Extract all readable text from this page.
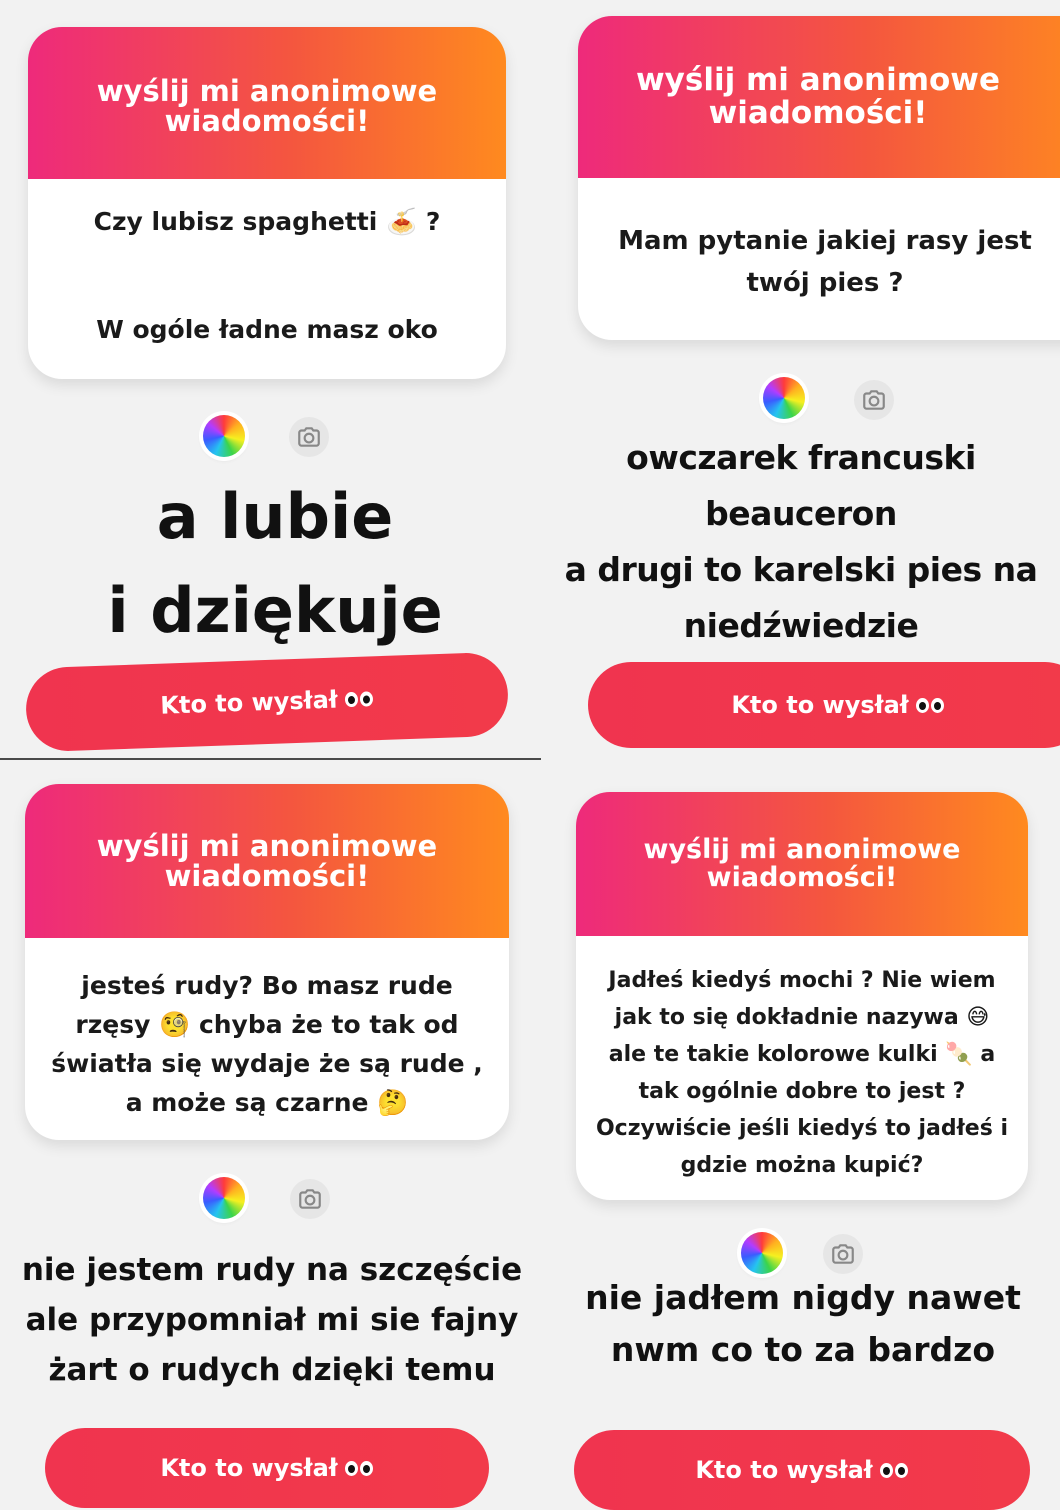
wyślij mi anonimowe
wiadomości!
Czy lubisz spaghetti 🍝 ?
W ogóle ładne masz oko
a lubie
i dziękuje
Kto to wysłał
wyślij mi anonimowe
wiadomości!
Mam pytanie jakiej rasy jest twój pies ?
owczarek francuski beauceron
a drugi to karelski pies na
niedźwiedzie
Kto to wysłał
wyślij mi anonimowe
wiadomości!
jesteś rudy? Bo masz rude rzęsy 🧐 chyba że to tak od światła się wydaje że są rude , a może są czarne 🤔
nie jestem rudy na szczęście
ale przypomniał mi sie fajny
żart o rudych dzięki temu
Kto to wysłał
wyślij mi anonimowe
wiadomości!
Jadłeś kiedyś mochi ? Nie wiem jak to się dokładnie nazywa 😅 ale te takie kolorowe kulki 🍡 a tak ogólnie dobre to jest ? Oczywiście jeśli kiedyś to jadłeś i gdzie można kupić?
nie jadłem nigdy nawet
nwm co to za bardzo
Kto to wysłał
